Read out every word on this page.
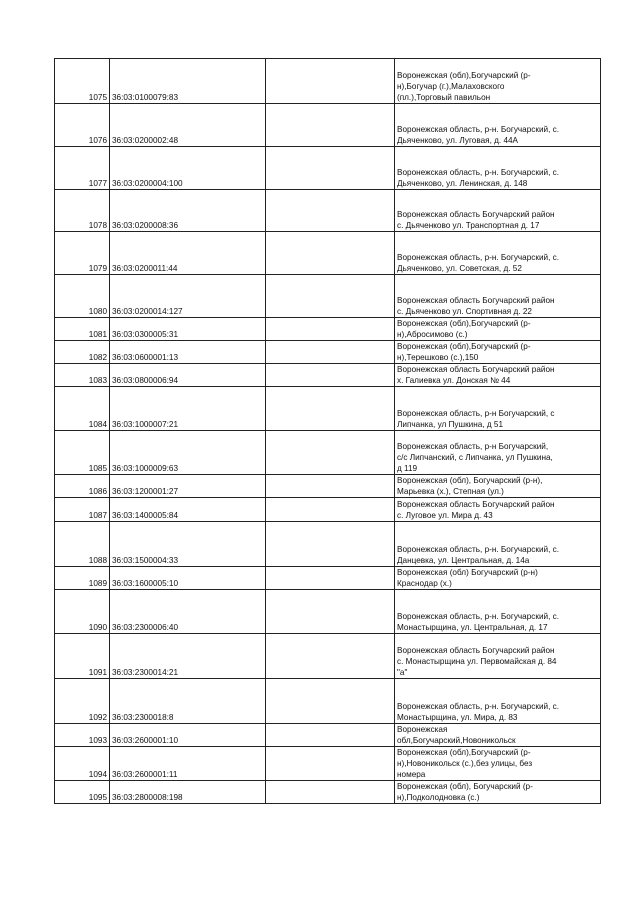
1075	36:03:0100079:83		Воронежская (обл),Богучарский (р-
н),Богучар (г.),Малаховского
(пл.),Торговый павильон

1076	36:03:0200002:48		Воронежская область, р-н. Богучарский, с.
Дьяченково, ул. Луговая, д. 44А

1077	36:03:0200004:100		Воронежская область, р-н. Богучарский, с.
Дьяченково, ул. Ленинская, д. 148

1078	36:03:0200008:36		Воронежская область Богучарский район
с. Дьяченково ул. Транспортная д. 17

1079	36:03:0200011:44		Воронежская область, р-н. Богучарский, с.
Дьяченково, ул. Советская, д. 52

1080	36:03:0200014:127		Воронежская область Богучарский район
с. Дьяченково ул. Спортивная д. 22

1081	36:03:0300005:31		Воронежская (обл),Богучарский (р-
н),Абросимово (с.)

1082	36:03:0600001:13		Воронежская (обл),Богучарский (р-
н),Терешково (с.),150

1083	36:03:0800006:94		Воронежская область Богучарский район
х. Галиевка ул. Донская № 44

1084	36:03:1000007:21		Воронежская область, р-н Богучарский, с
Липчанка, ул Пушкина, д 51

1085	36:03:1000009:63		Воронежская область, р-н Богучарский,
с/с Липчанский, с Липчанка, ул Пушкина,
д 119

1086	36:03:1200001:27		Воронежская (обл), Богучарский (р-н),
Марьевка (х.), Степная (ул.)

1087	36:03:1400005:84		Воронежская область Богучарский район
с. Луговое ул. Мира д. 43

1088	36:03:1500004:33		Воронежская область, р-н. Богучарский, с.
Данцевка, ул. Центральная, д. 14а

1089	36:03:1600005:10		Воронежская (обл) Богучарский (р-н)
Краснодар (х.)

1090	36:03:2300006:40		Воронежская область, р-н. Богучарский, с.
Монастырщина, ул. Центральная, д. 17

1091	36:03:2300014:21		Воронежская область Богучарский район
с. Монастырщина ул. Первомайская д. 84
"а"

1092	36:03:2300018:8		Воронежская область, р-н. Богучарский, с.
Монастырщина, ул. Мира, д. 83

1093	36:03:2600001:10		Воронежская
обл,Богучарский,Новоникольск

1094	36:03:2600001:11		Воронежская (обл),Богучарский (р-
н),Новоникольск (с.),без улицы, без
номера

1095	36:03:2800008:198		Воронежская (обл), Богучарский (р-
н),Подколодновка (с.)
